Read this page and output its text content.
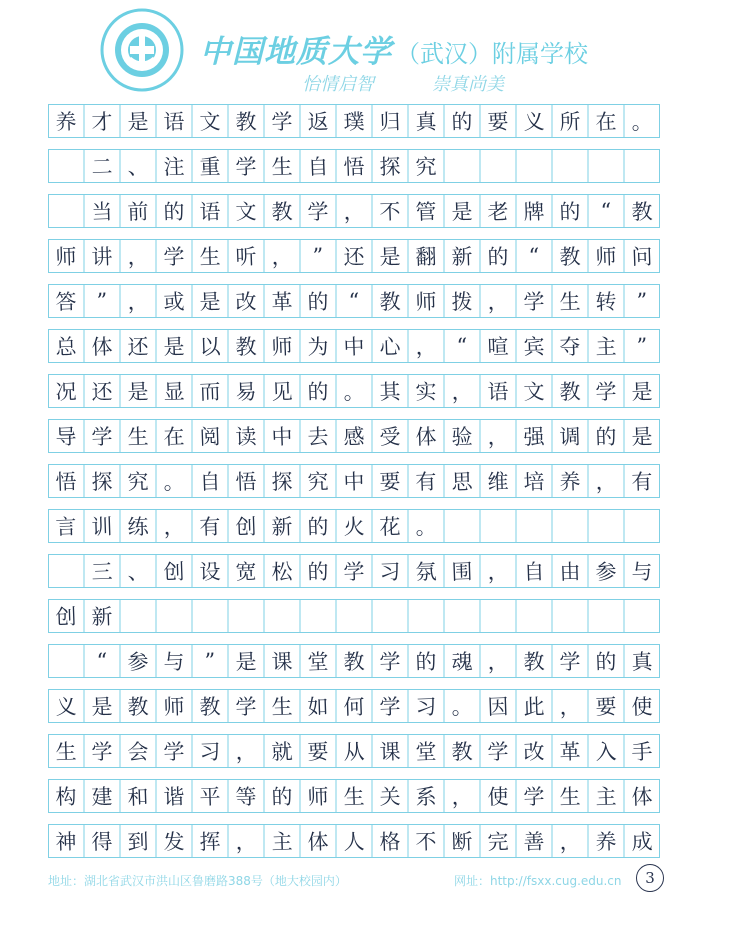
中国地质大学 （武汉）附属学校
怡情启智	崇真尚美
养 才 是 语 文 教 学 返 璞 归 真 的 要 义 所 在 。
二 、 注 重 学 生 自 悟 探 究
当 前 的 语 文 教 学 ， 不 管 是 老 牌 的 “ 教
师 讲 ， 学 生 听 ， ” 还 是 翻 新 的 “ 教 师 问
答 ” ， 或 是 改 革 的 “ 教 师 拨 ， 学 生 转 ”
总 体 还 是 以 教 师 为 中 心 ， “ 喧 宾 夺 主 ”
况 还 是 显 而 易 见 的 。 其 实 ， 语 文 教 学 是
导 学 生 在 阅 读 中 去 感 受 体 验 ， 强 调 的 是
悟 探 究 。 自 悟 探 究 中 要 有 思 维 培 养 ， 有
言 训 练 ， 有 创 新 的 火 花 。
三 、 创 设 宽 松 的 学 习 氛 围 ， 自 由 参 与
创 新
“ 参 与 ” 是 课 堂 教 学 的 魂 ， 教 学 的 真
义 是 教 师 教 学 生 如 何 学 习 。 因 此 ， 要 使
生 学 会 学 习 ， 就 要 从 课 堂 教 学 改 革 入 手
构 建 和 谐 平 等 的 师 生 关 系 ， 使 学 生 主 体
神 得 到 发 挥 ， 主 体 人 格 不 断 完 善 ， 养 成
地址：湖北省武汉市洪山区鲁磨路388号（地大校园内）	网址：http://fsxx.cug.edu.cn	3
